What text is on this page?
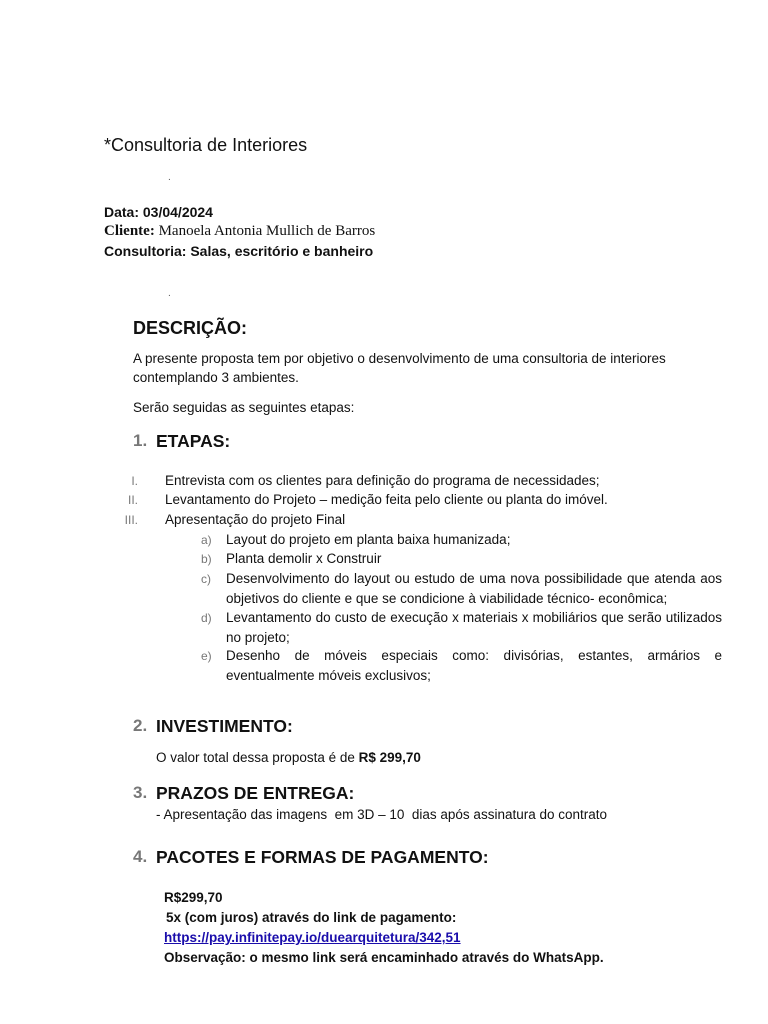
*Consultoria de Interiores
.
Data: 03/04/2024
Cliente: Manoela Antonia Mullich de Barros
Consultoria: Salas, escritório e banheiro
.
DESCRIÇÃO:
A presente proposta tem por objetivo o desenvolvimento de uma consultoria de interiores
contemplando 3 ambientes.
Serão seguidas as seguintes etapas:
1. ETAPAS:
I. Entrevista com os clientes para definição do programa de necessidades;
II. Levantamento do Projeto – medição feita pelo cliente ou planta do imóvel.
III. Apresentação do projeto Final
a) Layout do projeto em planta baixa humanizada;
b) Planta demolir x Construir
c) Desenvolvimento do layout ou estudo de uma nova possibilidade que atenda aos objetivos do cliente e que se condicione à viabilidade técnico- econômica;
d) Levantamento do custo de execução x materiais x mobiliários que serão utilizados no projeto;
e) Desenho de móveis especiais como: divisórias, estantes, armários e eventualmente móveis exclusivos;
2. INVESTIMENTO:
O valor total dessa proposta é de R$ 299,70
3. PRAZOS DE ENTREGA:
- Apresentação das imagens  em 3D – 10  dias após assinatura do contrato
4. PACOTES E FORMAS DE PAGAMENTO:
R$299,70
5x (com juros) através do link de pagamento:
https://pay.infinitepay.io/duearquitetura/342,51
Observação: o mesmo link será encaminhado através do WhatsApp.
